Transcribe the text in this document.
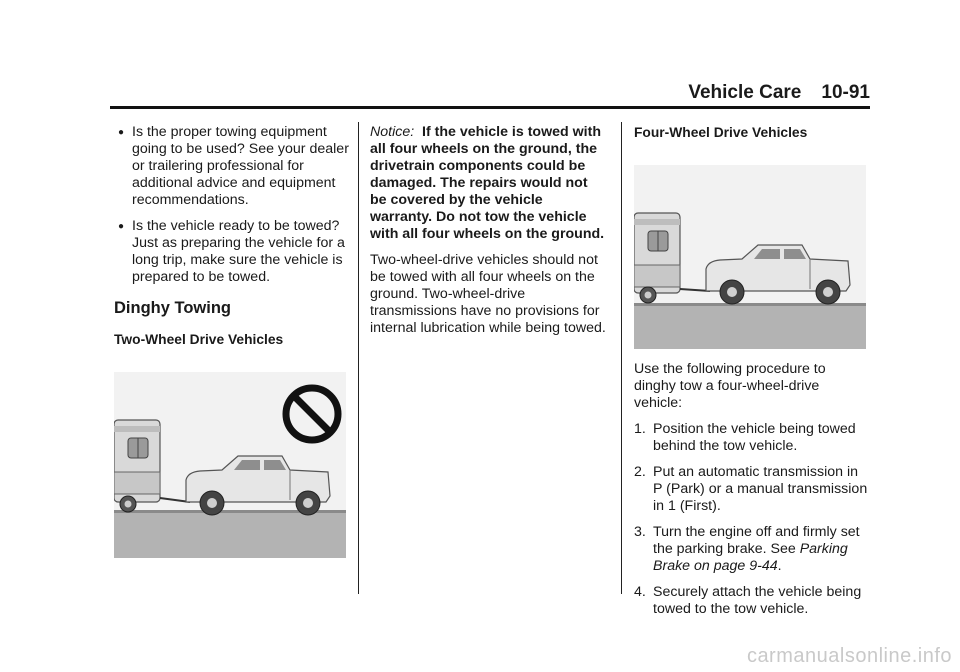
Vehicle Care 10-91
● Is the proper towing equipment going to be used? See your dealer or trailering professional for additional advice and equipment recommendations.
● Is the vehicle ready to be towed? Just as preparing the vehicle for a long trip, make sure the vehicle is prepared to be towed.
Dinghy Towing
Two-Wheel Drive Vehicles

Notice: If the vehicle is towed with all four wheels on the ground, the drivetrain components could be damaged. The repairs would not be covered by the vehicle warranty. Do not tow the vehicle with all four wheels on the ground.

Two-wheel-drive vehicles should not be towed with all four wheels on the ground. Two-wheel-drive transmissions have no provisions for internal lubrication while being towed.

Four-Wheel Drive Vehicles

Use the following procedure to dinghy tow a four-wheel-drive vehicle:

1. Position the vehicle being towed behind the tow vehicle.
2. Put an automatic transmission in P (Park) or a manual transmission in 1 (First).
3. Turn the engine off and firmly set the parking brake. See Parking Brake on page 9-44.
4. Securely attach the vehicle being towed to the tow vehicle.
carmanualsonline.info
